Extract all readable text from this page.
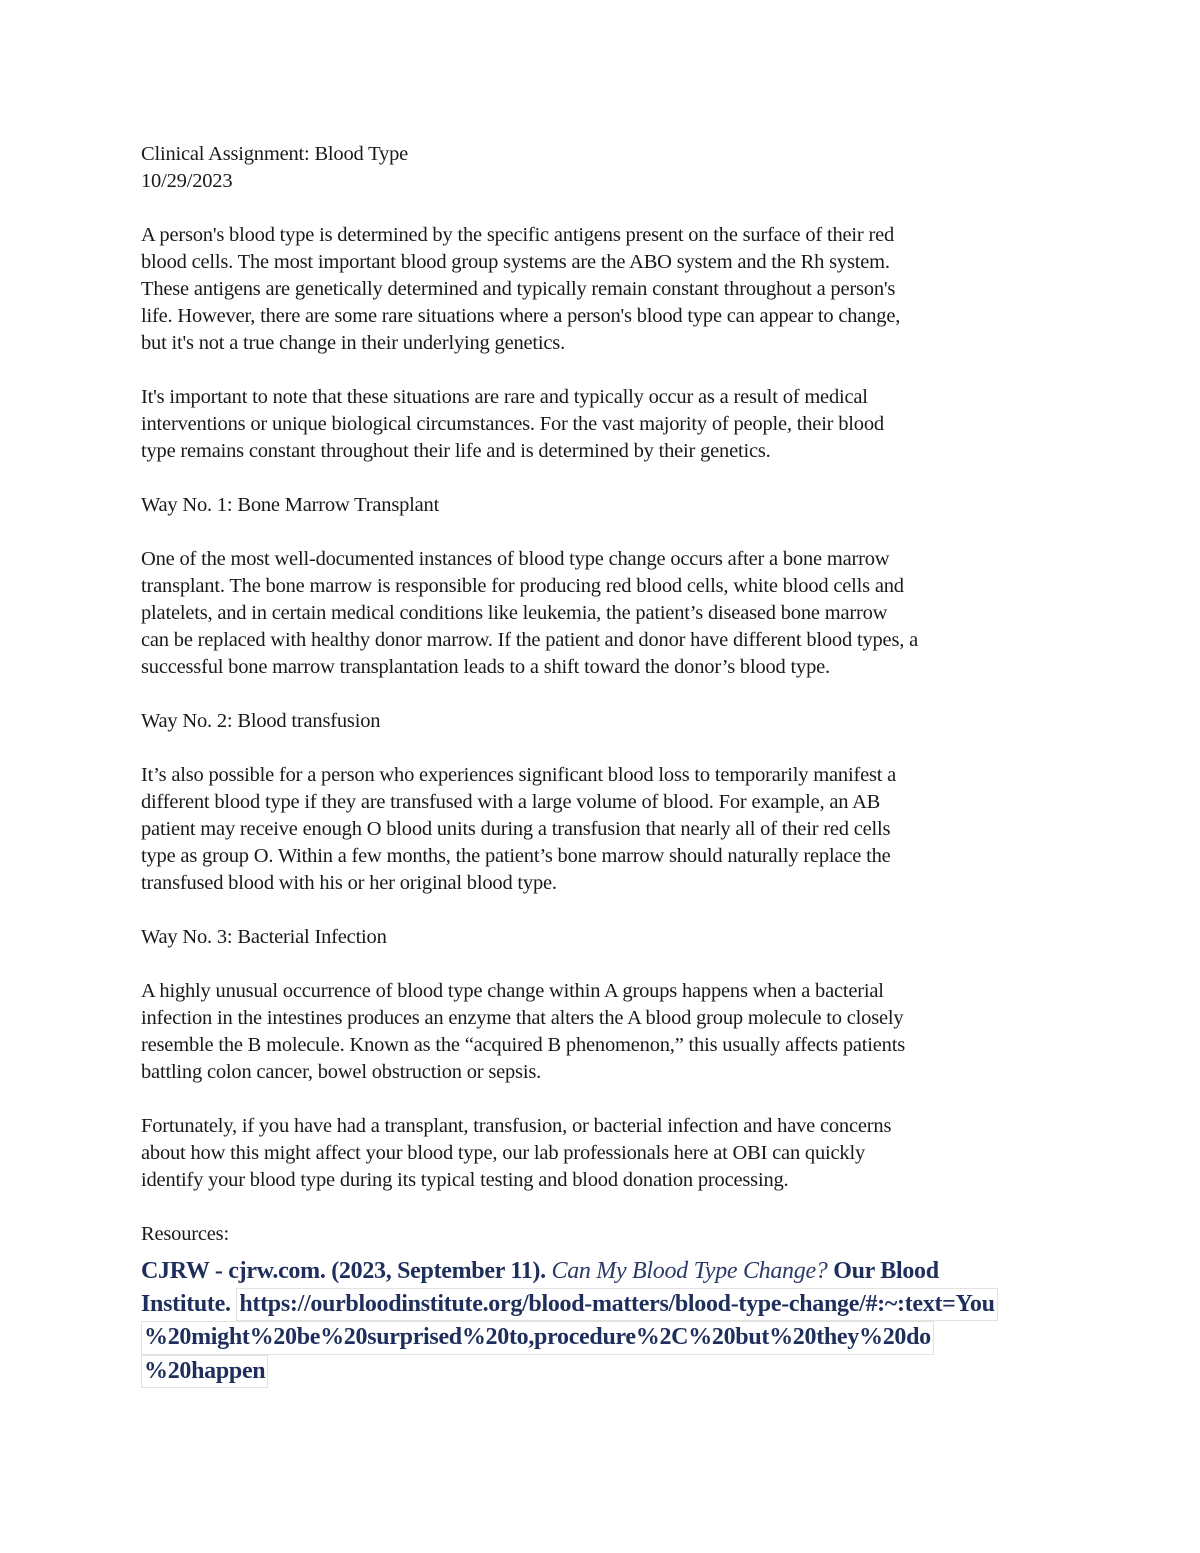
Clinical Assignment: Blood Type
10/29/2023
A person's blood type is determined by the specific antigens present on the surface of their red
blood cells. The most important blood group systems are the ABO system and the Rh system.
These antigens are genetically determined and typically remain constant throughout a person's
life. However, there are some rare situations where a person's blood type can appear to change,
but it's not a true change in their underlying genetics.
It's important to note that these situations are rare and typically occur as a result of medical
interventions or unique biological circumstances. For the vast majority of people, their blood
type remains constant throughout their life and is determined by their genetics.
Way No. 1: Bone Marrow Transplant
One of the most well-documented instances of blood type change occurs after a bone marrow
transplant. The bone marrow is responsible for producing red blood cells, white blood cells and
platelets, and in certain medical conditions like leukemia, the patient’s diseased bone marrow
can be replaced with healthy donor marrow. If the patient and donor have different blood types, a
successful bone marrow transplantation leads to a shift toward the donor’s blood type.
Way No. 2: Blood transfusion
It’s also possible for a person who experiences significant blood loss to temporarily manifest a
different blood type if they are transfused with a large volume of blood. For example, an AB
patient may receive enough O blood units during a transfusion that nearly all of their red cells
type as group O. Within a few months, the patient’s bone marrow should naturally replace the
transfused blood with his or her original blood type.
Way No. 3: Bacterial Infection
A highly unusual occurrence of blood type change within A groups happens when a bacterial
infection in the intestines produces an enzyme that alters the A blood group molecule to closely
resemble the B molecule. Known as the “acquired B phenomenon,” this usually affects patients
battling colon cancer, bowel obstruction or sepsis.
Fortunately, if you have had a transplant, transfusion, or bacterial infection and have concerns
about how this might affect your blood type, our lab professionals here at OBI can quickly
identify your blood type during its typical testing and blood donation processing.
Resources:
CJRW - cjrw.com. (2023, September 11). Can My Blood Type Change? Our Blood
Institute. https://ourbloodinstitute.org/blood-matters/blood-type-change/#:~:text=You
%20might%20be%20surprised%20to,procedure%2C%20but%20they%20do
%20happen
